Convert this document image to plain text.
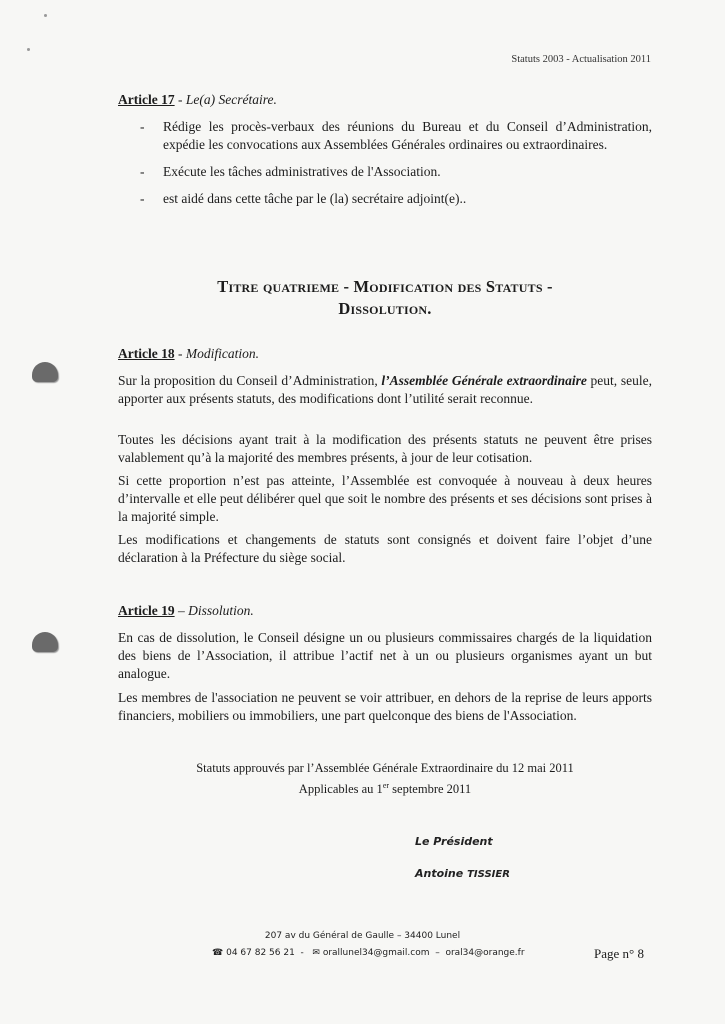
Statuts 2003 - Actualisation 2011
Article 17 - Le(a) Secrétaire.
- Rédige les procès-verbaux des réunions du Bureau et du Conseil d’Administration, expédie les convocations aux Assemblées Générales ordinaires ou extraordinaires.
- Exécute les tâches administratives de l'Association.
- est aidé dans cette tâche par le (la) secrétaire adjoint(e)..
Titre quatrieme - Modification des Statuts -
Dissolution.
Article 18 - Modification.

Sur la proposition du Conseil d’Administration, l’Assemblée Générale extraordinaire peut, seule, apporter aux présents statuts, des modifications dont l’utilité serait reconnue.

Toutes les décisions ayant trait à la modification des présents statuts ne peuvent être prises valablement qu’à la majorité des membres présents, à jour de leur cotisation.

Si cette proportion n’est pas atteinte, l’Assemblée est convoquée à nouveau à deux heures d’intervalle et elle peut délibérer quel que soit le nombre des présents et ses décisions sont prises à la majorité simple.

Les modifications et changements de statuts sont consignés et doivent faire l’objet d’une déclaration à la Préfecture du siège social.

Article 19 – Dissolution.

En cas de dissolution, le Conseil désigne un ou plusieurs commissaires chargés de la liquidation des biens de l’Association, il attribue l’actif net à un ou plusieurs organismes ayant un but analogue.

Les membres de l'association ne peuvent se voir attribuer, en dehors de la reprise de leurs apports financiers, mobiliers ou immobiliers, une part quelconque des biens de l'Association.

Statuts approuvés par l’Assemblée Générale Extraordinaire du 12 mai 2011
Applicables au 1er septembre 2011
Le Président
Antoine TISSIER
207 av du Général de Gaulle – 34400 Lunel
☎ 04 67 82 56 21  -   ✉ orallunel34@gmail.com  –  oral34@orange.fr	Page n° 8
